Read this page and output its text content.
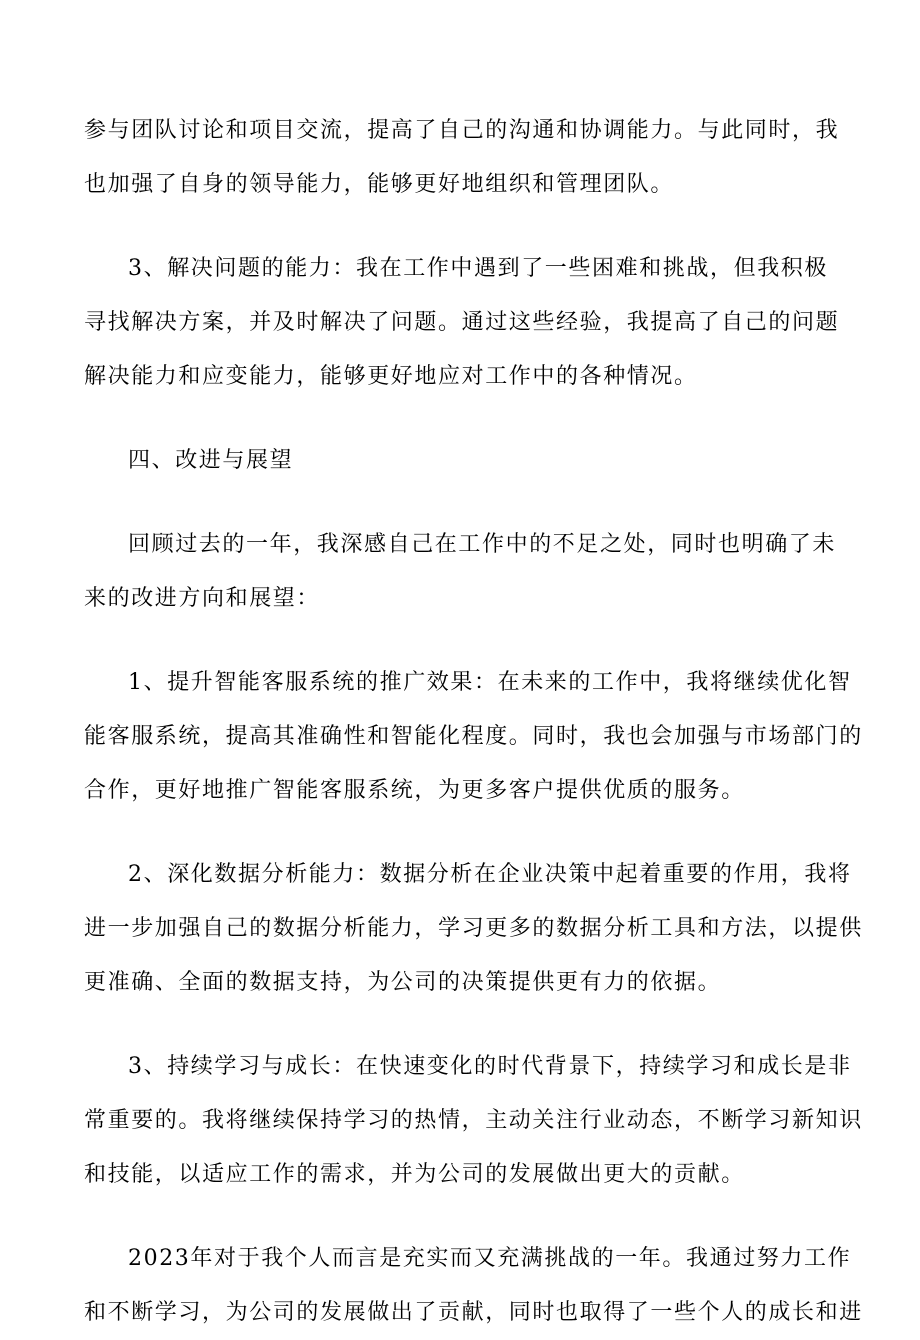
参与团队讨论和项目交流，提高了自己的沟通和协调能力。与此同时，我
也加强了自身的领导能力，能够更好地组织和管理团队。
3、解决问题的能力：我在工作中遇到了一些困难和挑战，但我积极
寻找解决方案，并及时解决了问题。通过这些经验，我提高了自己的问题
解决能力和应变能力，能够更好地应对工作中的各种情况。
四、改进与展望
回顾过去的一年，我深感自己在工作中的不足之处，同时也明确了未
来的改进方向和展望：
1、提升智能客服系统的推广效果：在未来的工作中，我将继续优化智
能客服系统，提高其准确性和智能化程度。同时，我也会加强与市场部门的
合作，更好地推广智能客服系统，为更多客户提供优质的服务。
2、深化数据分析能力：数据分析在企业决策中起着重要的作用，我将
进一步加强自己的数据分析能力，学习更多的数据分析工具和方法，以提供
更准确、全面的数据支持，为公司的决策提供更有力的依据。
3、持续学习与成长：在快速变化的时代背景下，持续学习和成长是非
常重要的。我将继续保持学习的热情，主动关注行业动态，不断学习新知识
和技能，以适应工作的需求，并为公司的发展做出更大的贡献。
2023年对于我个人而言是充实而又充满挑战的一年。我通过努力工作
和不断学习，为公司的发展做出了贡献，同时也取得了一些个人的成长和进
